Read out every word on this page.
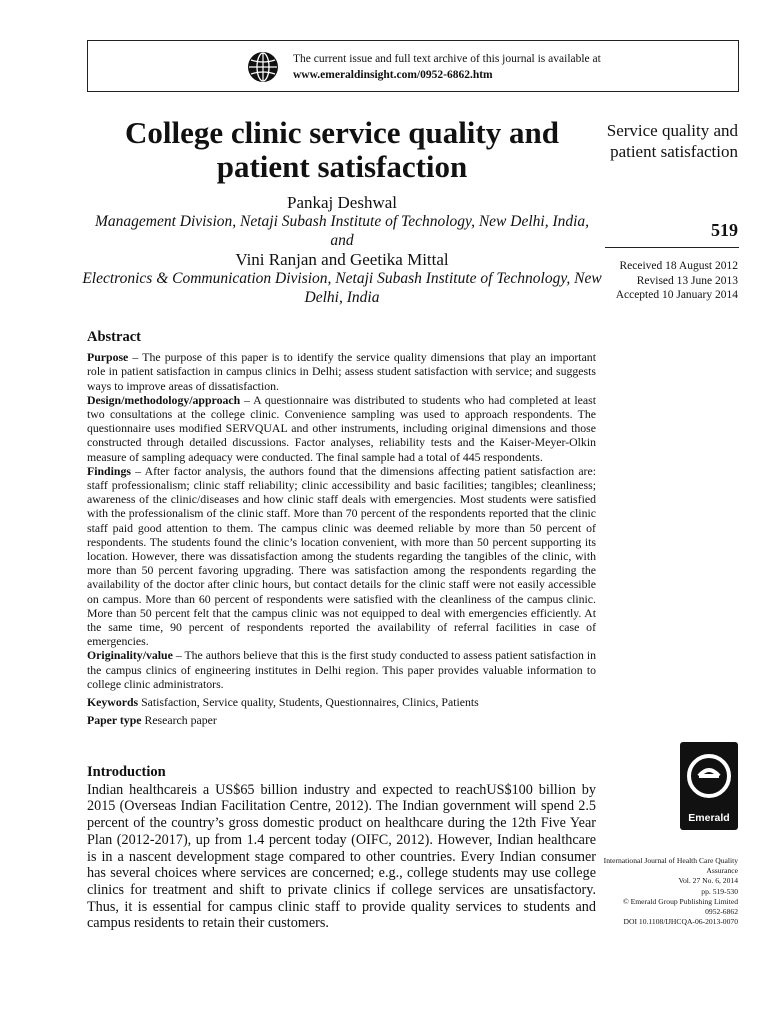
The current issue and full text archive of this journal is available at
www.emeraldinsight.com/0952-6862.htm
College clinic service quality and patient satisfaction
Service quality and patient satisfaction
519
Received 18 August 2012
Revised 13 June 2013
Accepted 10 January 2014
Pankaj Deshwal
Management Division, Netaji Subash Institute of Technology, New Delhi, India, and
Vini Ranjan and Geetika Mittal
Electronics & Communication Division, Netaji Subash Institute of Technology, New Delhi, India
Abstract

Purpose – The purpose of this paper is to identify the service quality dimensions that play an important role in patient satisfaction in campus clinics in Delhi; assess student satisfaction with service; and suggests ways to improve areas of dissatisfaction.

Design/methodology/approach – A questionnaire was distributed to students who had completed at least two consultations at the college clinic. Convenience sampling was used to approach respondents. The questionnaire uses modified SERVQUAL and other instruments, including original dimensions and those constructed through detailed discussions. Factor analyses, reliability tests and the Kaiser-Meyer-Olkin measure of sampling adequacy were conducted. The final sample had a total of 445 respondents.

Findings – After factor analysis, the authors found that the dimensions affecting patient satisfaction are: staff professionalism; clinic staff reliability; clinic accessibility and basic facilities; tangibles; cleanliness; awareness of the clinic/diseases and how clinic staff deals with emergencies. Most students were satisfied with the professionalism of the clinic staff. More than 70 percent of the respondents reported that the clinic staff paid good attention to them. The campus clinic was deemed reliable by more than 50 percent of respondents. The students found the clinic’s location convenient, with more than 50 percent supporting its location. However, there was dissatisfaction among the students regarding the tangibles of the clinic, with more than 50 percent favoring upgrading. There was satisfaction among the respondents regarding the availability of the doctor after clinic hours, but contact details for the clinic staff were not easily accessible on campus. More than 60 percent of respondents were satisfied with the cleanliness of the campus clinic. More than 50 percent felt that the campus clinic was not equipped to deal with emergencies efficiently. At the same time, 90 percent of respondents reported the availability of referral facilities in case of emergencies.

Originality/value – The authors believe that this is the first study conducted to assess patient satisfaction in the campus clinics of engineering institutes in Delhi region. This paper provides valuable information to college clinic administrators.

Keywords Satisfaction, Service quality, Students, Questionnaires, Clinics, Patients

Paper type Research paper

Introduction

Indian healthcareis a US$65 billion industry and expected to reachUS$100 billion by 2015 (Overseas Indian Facilitation Centre, 2012). The Indian government will spend 2.5 percent of the country’s gross domestic product on healthcare during the 12th Five Year Plan (2012-2017), up from 1.4 percent today (OIFC, 2012). However, Indian healthcare is in a nascent development stage compared to other countries. Every Indian consumer has several choices where services are concerned; e.g., college students may use college clinics for treatment and shift to private clinics if college services are unsatisfactory. Thus, it is essential for campus clinic staff to provide quality services to students and campus residents to retain their customers.

Emerald
International Journal of Health Care Quality Assurance
Vol. 27 No. 6, 2014
pp. 519-530
© Emerald Group Publishing Limited
0952-6862
DOI 10.1108/IJHCQA-06-2013-0070
